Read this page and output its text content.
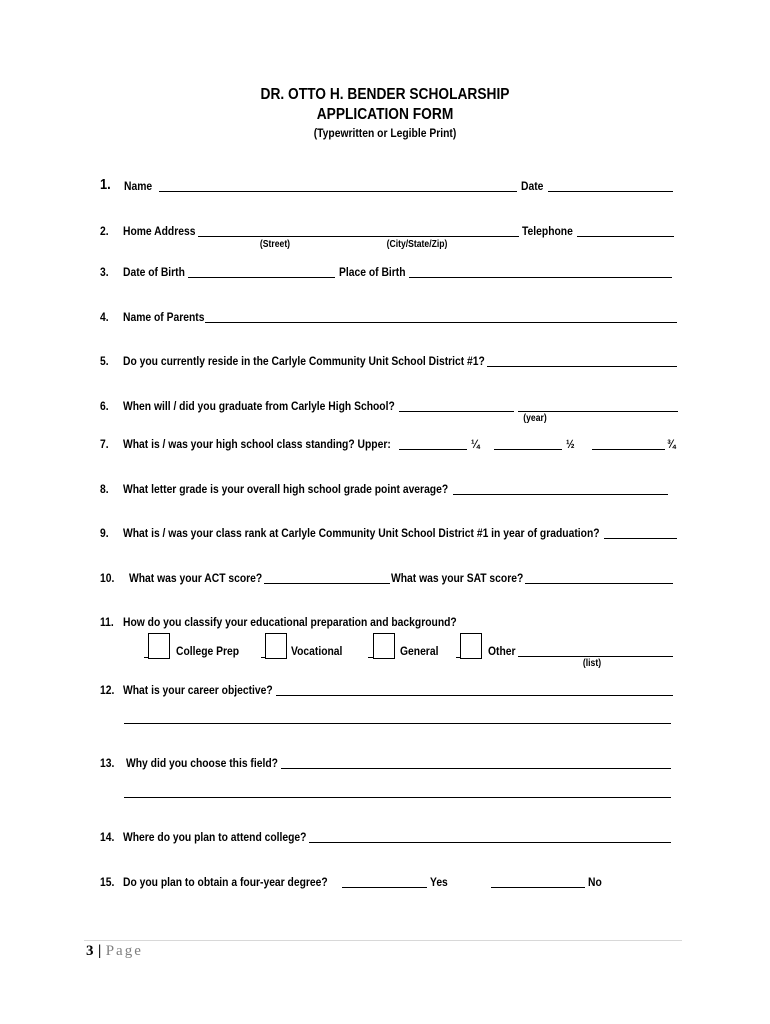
DR. OTTO H. BENDER SCHOLARSHIP
APPLICATION FORM
(Typewritten or Legible Print)
1. Name	Date
2. Home Address	Telephone
(Street)	(City/State/Zip)
3. Date of Birth	Place of Birth
4. Name of Parents
5. Do you currently reside in the Carlyle Community Unit School District #1?
6. When will / did you graduate from Carlyle High School?
(year)
7. What is / was your high school class standing? Upper:	¼	½	¾
8. What letter grade is your overall high school grade point average?
9. What is / was your class rank at Carlyle Community Unit School District #1 in year of graduation?
10. What was your ACT score?	What was your SAT score?
11. How do you classify your educational preparation and background?
College Prep	Vocational	General	Other
(list)
12. What is your career objective?
13. Why did you choose this field?
14. Where do you plan to attend college?
15. Do you plan to obtain a four-year degree?	Yes	No
3 | Page
